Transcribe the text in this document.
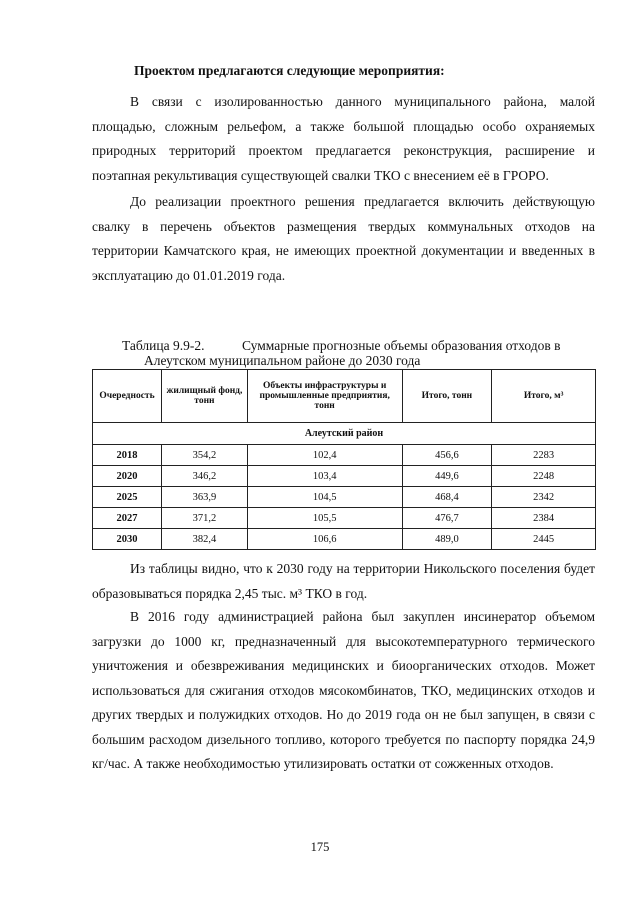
Проектом предлагаются следующие мероприятия:

В связи с изолированностью данного муниципального района, малой площадью, сложным рельефом, а также большой площадью особо охраняемых природных территорий проектом предлагается реконструкция, расширение и поэтапная рекультивация существующей свалки ТКО с внесением её в ГРОРО.

До реализации проектного решения предлагается включить действующую свалку в перечень объектов размещения твердых коммунальных отходов на территории Камчатского края, не имеющих проектной документации и введенных в эксплуатацию до 01.01.2019 года.

Таблица 9.9-2.	Суммарные прогнозные объемы образования отходов в
Алеутском муниципальном районе до 2030 года
Очередность	жилищный фонд, тонн	Объекты инфраструктуры и промышленные предприятия, тонн	Итого, тонн	Итого, м³
Алеутский район				
2018	354,2	102,4	456,6	2283
2020	346,2	103,4	449,6	2248
2025	363,9	104,5	468,4	2342
2027	371,2	105,5	476,7	2384
2030	382,4	106,6	489,0	2445

Из таблицы видно, что к 2030 году на территории Никольского поселения будет образовываться порядка 2,45 тыс. м³ ТКО в год.

В 2016 году администрацией района был закуплен инсинератор объемом загрузки до 1000 кг, предназначенный для высокотемпературного термического уничтожения и обезвреживания медицинских и биоорганических отходов. Может использоваться для сжигания отходов мясокомбинатов, ТКО, медицинских отходов и других твердых и полужидких отходов. Но до 2019 года он не был запущен, в связи с большим расходом дизельного топливо, которого требуется по паспорту порядка 24,9 кг/час. А также необходимостью утилизировать остатки от сожженных отходов.

175
